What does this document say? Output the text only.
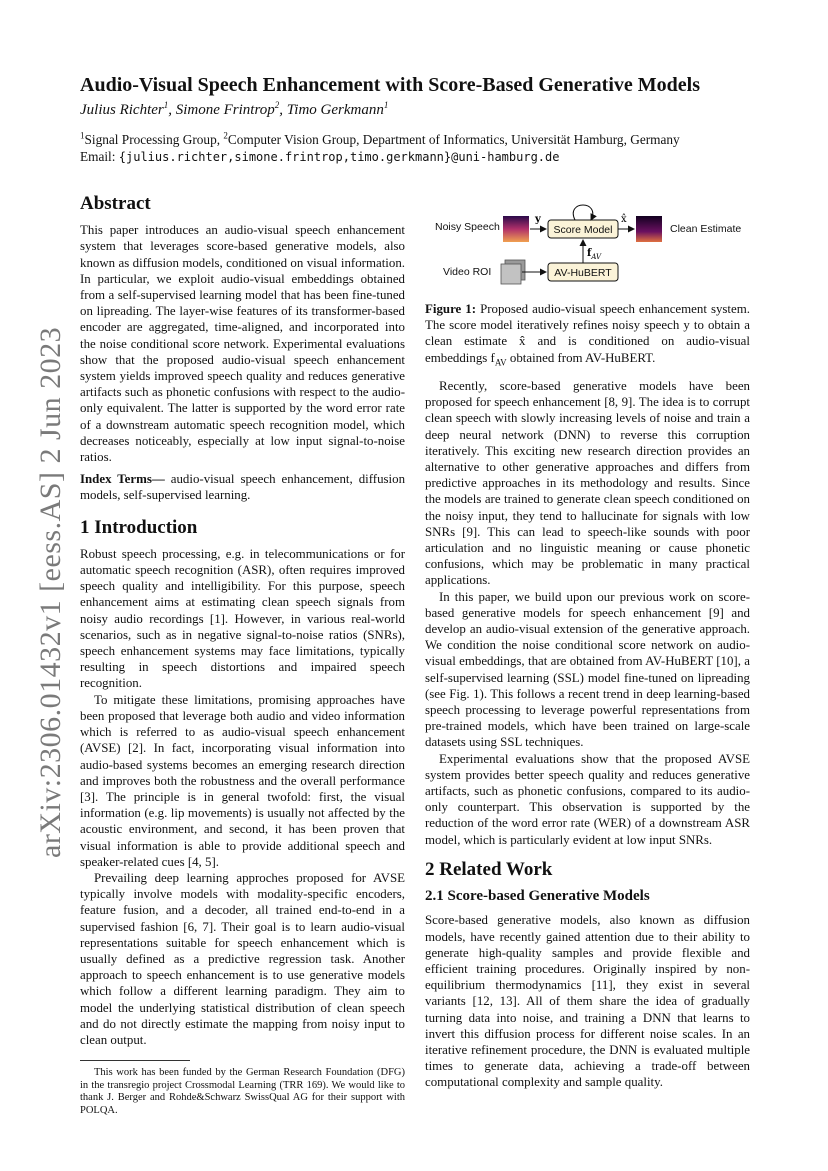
arXiv:2306.01432v1 [eess.AS] 2 Jun 2023
Audio-Visual Speech Enhancement with Score-Based Generative Models
Julius Richter$^1$, Simone Frintrop$^2$, Timo Gerkmann$^1$
$^1$Signal Processing Group, $^2$Computer Vision Group, Department of Informatics, Universität Hamburg, Germany
Email: {julius.richter,simone.frintrop,timo.gerkmann}@uni-hamburg.de
Abstract

This paper introduces an audio-visual speech enhancement system that leverages score-based generative models, also known as diffusion models, conditioned on visual information. In particular, we exploit audio-visual embeddings obtained from a self-supervised learning model that has been fine-tuned on lipreading. The layer-wise features of its transformer-based encoder are aggregated, time-aligned, and incorporated into the noise conditional score network. Experimental evaluations show that the proposed audio-visual speech enhancement system yields improved speech quality and reduces generative artifacts such as phonetic confusions with respect to the audio-only equivalent. The latter is supported by the word error rate of a downstream automatic speech recognition model, which decreases noticeably, especially at low input signal-to-noise ratios.

Index Terms— audio-visual speech enhancement, diffusion models, self-supervised learning.

1 Introduction

Robust speech processing, e.g. in telecommunications or for automatic speech recognition (ASR), often requires improved speech quality and intelligibility. For this purpose, speech enhancement aims at estimating clean speech signals from noisy audio recordings [1]. However, in various real-world scenarios, such as in negative signal-to-noise ratios (SNRs), speech enhancement systems may face limitations, typically resulting in speech distortions and impaired speech recognition.

To mitigate these limitations, promising approaches have been proposed that leverage both audio and video information which is referred to as audio-visual speech enhancement (AVSE) [2]. In fact, incorporating visual information into audio-based systems becomes an emerging research direction and improves both the robustness and the overall performance [3]. The principle is in general twofold: first, the visual information (e.g. lip movements) is usually not affected by the acoustic environment, and second, it has been proven that visual information is able to provide additional speech and speaker-related cues [4, 5].

Prevailing deep learning approches proposed for AVSE typically involve models with modality-specific encoders, feature fusion, and a decoder, all trained end-to-end in a supervised fashion [6, 7]. Their goal is to learn audio-visual representations suitable for speech enhancement which is usually defined as a predictive regression task. Another approach to speech enhancement is to use generative models which follow a different learning paradigm. They aim to model the underlying statistical distribution of clean speech and do not directly estimate the mapping from noisy input to clean output.

This work has been funded by the German Research Foundation (DFG) in the transregio project Crossmodal Learning (TRR 169). We would like to thank J. Berger and Rohde&Schwarz SwissQual AG for their support with POLQA.

Noisy Speech
y
Score Model
x̂
Clean Estimate
Video ROI	AV-HuBERT
$f_{AV}$
Figure 1: Proposed audio-visual speech enhancement system. The score model iteratively refines noisy speech y to obtain a clean estimate x̂ and is conditioned on audio-visual embeddings $f_{AV}$ obtained from AV-HuBERT.

Recently, score-based generative models have been proposed for speech enhancement [8, 9]. The idea is to corrupt clean speech with slowly increasing levels of noise and train a deep neural network (DNN) to reverse this corruption iteratively. This exciting new research direction provides an alternative to other generative approaches and differs from predictive approaches in its methodology and results. Since the models are trained to generate clean speech conditioned on the noisy input, they tend to hallucinate for signals with low SNRs [9]. This can lead to speech-like sounds with poor articulation and no linguistic meaning or cause phonetic confusions, which may be problematic in many practical applications.

In this paper, we build upon our previous work on score-based generative models for speech enhancement [9] and develop an audio-visual extension of the generative approach. We condition the noise conditional score network on audio-visual embeddings, that are obtained from AV-HuBERT [10], a self-supervised learning (SSL) model fine-tuned on lipreading (see Fig. 1). This follows a recent trend in deep learning-based speech processing to leverage powerful representations from pre-trained models, which have been trained on large-scale datasets using SSL techniques.

Experimental evaluations show that the proposed AVSE system provides better speech quality and reduces generative artifacts, such as phonetic confusions, compared to its audio-only counterpart. This observation is supported by the reduction of the word error rate (WER) of a downstream ASR model, which is particularly evident at low input SNRs.

2 Related Work
2.1 Score-based Generative Models

Score-based generative models, also known as diffusion models, have recently gained attention due to their ability to generate high-quality samples and provide flexible and efficient training procedures. Originally inspired by non-equilibrium thermodynamics [11], they exist in several variants [12, 13]. All of them share the idea of gradually turning data into noise, and training a DNN that learns to invert this diffusion process for different noise scales. In an iterative refinement procedure, the DNN is evaluated multiple times to generate data, achieving a trade-off between computational complexity and sample quality.
